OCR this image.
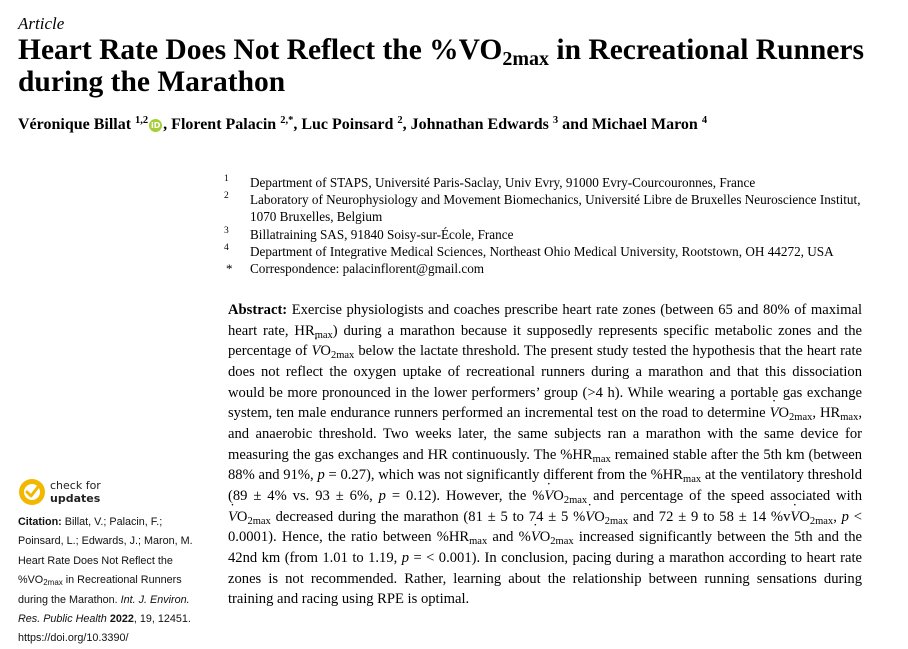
Article
Heart Rate Does Not Reflect the $\%VO_{2max}$ in Recreational Runners during the Marathon
Véronique Billat $^{1,2}$ iD , Florent Palacin $^{2,*}$, Luc Poinsard $^2$, Johnathan Edwards $^3$ and Michael Maron $^4$
1 Department of STAPS, Université Paris-Saclay, Univ Evry, 91000 Evry-Courcouronnes, France
2 Laboratory of Neurophysiology and Movement Biomechanics, Université Libre de Bruxelles Neuroscience Institut, 1070 Bruxelles, Belgium
3 Billatraining SAS, 91840 Soisy-sur-École, France
4 Department of Integrative Medical Sciences, Northeast Ohio Medical University, Rootstown, OH 44272, USA
* Correspondence: palacinflorent@gmail.com

Abstract: Exercise physiologists and coaches prescribe heart rate zones (between 65 and 80% of maximal heart rate, $HR_{max}$) during a marathon because it supposedly represents specific metabolic zones and the percentage of ˙ $VO_{2max}$ below the lactate threshold. The present study tested the hypothesis that the heart rate does not reflect the oxygen uptake of recreational runners during a marathon and that this dissociation would be more pronounced in the lower performers’ group (>4 h). While wearing a portable gas exchange system, ten male endurance runners performed an incremental test on the road to determine ˙ $VO_{2max}$, $HR_{max}$, and anaerobic threshold. Two weeks later, the same subjects ran a marathon with the same device for measuring the gas exchanges and HR continuously. The $\%HR_{max}$ remained stable after the 5th km (between 88% and 91%, p = 0.27), which was not significantly different from the $\%HR_{max}$ at the ventilatory threshold (89 ± 4% vs. 93 ± 6%, p = 0.12). However, the %˙ $VO_{2max}$ and percentage of the speed associated with ˙ $VO_{2max}$ decreased during the marathon (81 ± 5 to 74 ± 5 %˙ $VO_{2max}$ and 72 ± 9 to 58 ± 14 %v˙ $VO_{2max}$, p < 0.0001). Hence, the ratio between $\%HR_{max}$ and %˙ $VO_{2max}$ increased significantly between the 5th and the 42nd km (from 1.01 to 1.19, p = < 0.001). In conclusion, pacing during a marathon according to heart rate zones is not recommended. Rather, learning about the relationship between running sensations during training and racing using RPE is optimal.

check for
updates
Citation: Billat, V.; Palacin, F.; Poinsard, L.; Edwards, J.; Maron, M. Heart Rate Does Not Reflect the $\%VO_{2max}$ in Recreational Runners during the Marathon. Int. J. Environ. Res. Public Health 2022, 19, 12451. https://doi.org/10.3390/
